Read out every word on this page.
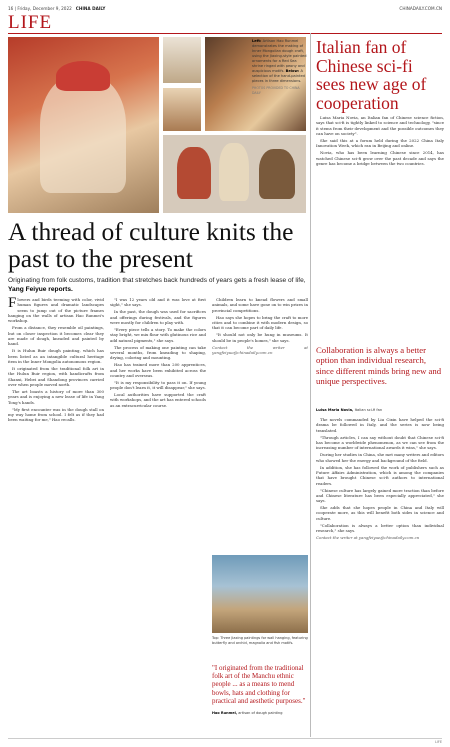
16 | Friday, December 9, 2022 CHINA DAILY	CHINADAILY.COM.CN
LIFE
Left: Artisan Hao Runmei demonstrates the making of Inner Mongolian dough craft, using the Jiaxing-style painted ornaments for a Red Sea shrine ringed with peony and auspicious motifs. Below: A selection of the hand-painted pieces in three dimensions.
PHOTOS PROVIDED TO CHINA DAILY
A thread of culture knits the past to the present
Originating from folk customs, tradition that stretches back hundreds of years gets a fresh lease of life, Yang Feiyue reports.

Flowers and birds teeming with color, vivid human figures and dramatic landscapes seem to jump out of the picture frames hanging on the walls of artisan Hao Runmei's workshop.

From a distance, they resemble oil paintings, but on closer inspection it becomes clear they are made of dough, kneaded and painted by hand.

It is Hulun Buir dough painting, which has been listed as an intangible cultural heritage item in the Inner Mongolia autonomous region.

It originated from the traditional folk art in the Hulun Buir region, with handicrafts from Shanxi, Hebei and Shandong provinces carried over when people moved north.

The art boasts a history of more than 300 years and is enjoying a new lease of life in Yang Tong's hands.

"My first encounter was in the dough stall on my way home from school. I felt as if they had been waiting for me," Hao recalls.

"I was 12 years old and it was love at first sight," she says.

In the past, the dough was used for sacrifices and offerings during festivals, and the figures were mostly for children to play with.

"Every piece tells a story. To make the colors stay bright, we mix flour with glutinous rice and add natural pigments," she says.

The process of making one painting can take several months, from kneading to shaping, drying, coloring and mounting.

Hao has trained more than 200 apprentices, and her works have been exhibited across the country and overseas.

"It is my responsibility to pass it on. If young people don't learn it, it will disappear," she says.

Local authorities have supported the craft with workshops, and the art has entered schools as an extracurricular course.

Children learn to knead flowers and small animals, and some have gone on to win prizes in provincial competitions.

Hao says she hopes to bring the craft to more cities and to combine it with modern design, so that it can become part of daily life.

"It should not only be hung in museums. It should be in people's homes," she says.

Contact the writer at yangfeiyue@chinadaily.com.cn

Top: Three Jiaxing paintings for wall hanging, featuring butterfly and orchid, magnolia and fish motifs.
"I originated from the traditional folk art of the Manchu ethnic people ... as a means to mend bowls, hats and clothing for practical and aesthetic purposes."
Hao Runmei, artisan of dough painting
Italian fan of Chinese sci-fi sees new age of cooperation

Luisa Maria Novia, an Italian fan of Chinese science fiction, says that sci-fi is tightly linked to science and technology, "since it stems from their development and the possible outcomes they can have on society".

She said this at a forum held during the 2022 China Italy Innovation Week, which ran in Beijing and online.

Novia, who has been learning Chinese since 2014, has watched Chinese sci-fi grow over the past decade and says the genre has become a bridge between the two countries.

Collaboration is always a better option than individual research, since different minds bring new and unique perspectives.
Luisa Maria Novia, Italian sci-fi fan

The novels commanded by Liu Cixin have helped the sci-fi drama be followed in Italy, and the series is now being translated.

"Through articles, I can say without doubt that Chinese sci-fi has become a worldwide phenomenon, as we can see from the increasing number of international awards it wins," she says.

During her studies in China, she met many writers and editors who showed her the energy and background of the field.

In addition, she has followed the work of publishers such as Future Affairs Administration, which is among the companies that have brought Chinese sci-fi authors to international readers.

"Chinese culture has largely gained more traction than before and Chinese literature has been especially appreciated," she says.

She adds that she hopes people in China and Italy will cooperate more, as this will benefit both sides in science and culture.

"Collaboration is always a better option than individual research," she says.

Contact the writer at yangfeiyue@chinadaily.com.cn

LIFE
